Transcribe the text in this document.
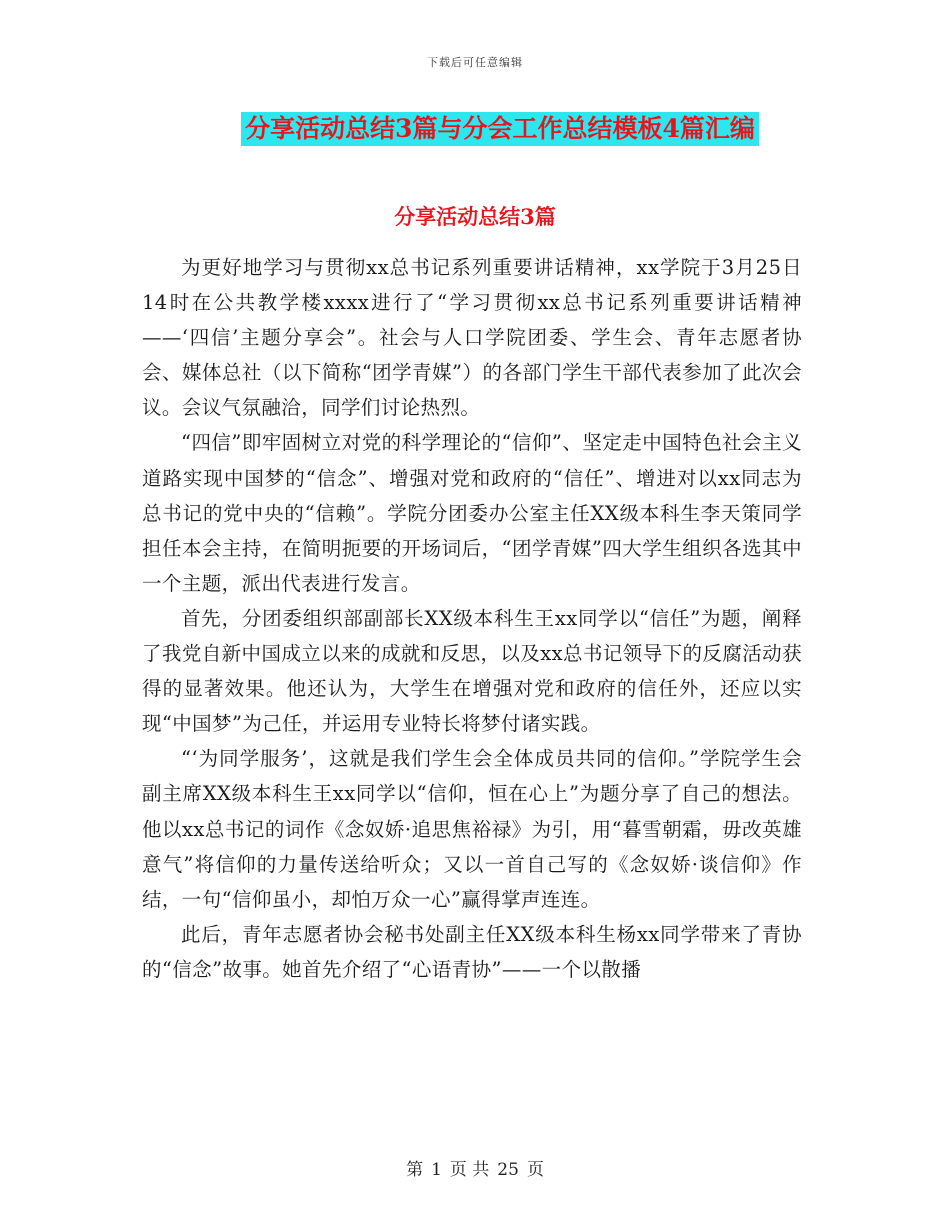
下载后可任意编辑
分享活动总结3篇与分会工作总结模板4篇汇编
分享活动总结3篇

为更好地学习与贯彻xx总书记系列重要讲话精神，xx学院于3月25日14时在公共教学楼xxxx进行了“学习贯彻xx总书记系列重要讲话精神——‘四信’主题分享会”。社会与人口学院团委、学生会、青年志愿者协会、媒体总社（以下简称“团学青媒”）的各部门学生干部代表参加了此次会议。会议气氛融洽，同学们讨论热烈。

“四信”即牢固树立对党的科学理论的“信仰”、坚定走中国特色社会主义道路实现中国梦的“信念”、增强对党和政府的“信任”、增进对以xx同志为总书记的党中央的“信赖”。学院分团委办公室主任XX级本科生李天策同学担任本会主持，在简明扼要的开场词后，“团学青媒”四大学生组织各选其中一个主题，派出代表进行发言。

首先，分团委组织部副部长XX级本科生王xx同学以“信任”为题，阐释了我党自新中国成立以来的成就和反思，以及xx总书记领导下的反腐活动获得的显著效果。他还认为，大学生在增强对党和政府的信任外，还应以实现“中国梦”为己任，并运用专业特长将梦付诸实践。

“‘为同学服务’，这就是我们学生会全体成员共同的信仰。”学院学生会副主席XX级本科生王xx同学以“信仰，恒在心上”为题分享了自己的想法。他以xx总书记的词作《念奴娇·追思焦裕禄》为引，用“暮雪朝霜，毋改英雄意气”将信仰的力量传送给听众；又以一首自己写的《念奴娇·谈信仰》作结，一句“信仰虽小，却怕万众一心”赢得掌声连连。

此后，青年志愿者协会秘书处副主任XX级本科生杨xx同学带来了青协的“信念”故事。她首先介绍了“心语青协”——一个以散播

第 1 页 共 25 页
